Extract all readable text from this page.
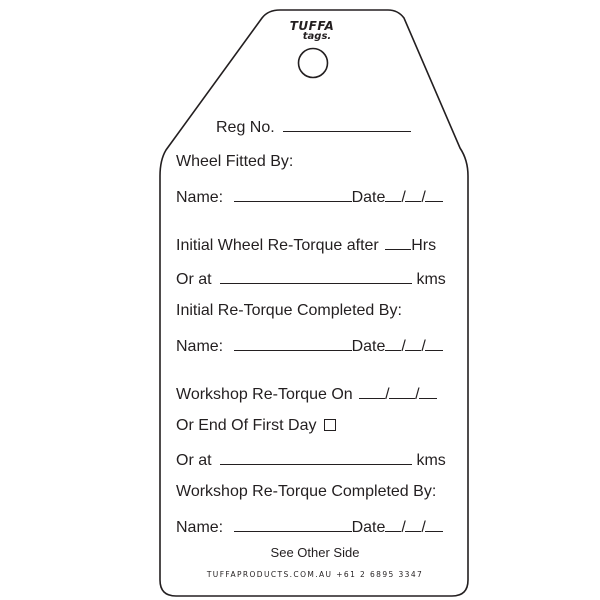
TUFFA
tags.
Reg No.
Wheel Fitted By:
Name:	Date / /
Initial Wheel Re-Torque after Hrs
Or at	kms
Initial Re-Torque Completed By:
Name:	Date / /
Workshop Re-Torque On / /
Or End Of First Day
Or at	kms
Workshop Re-Torque Completed By:
Name:	Date / /
See Other Side
TUFFAPRODUCTS.COM.AU +61 2 6895 3347
